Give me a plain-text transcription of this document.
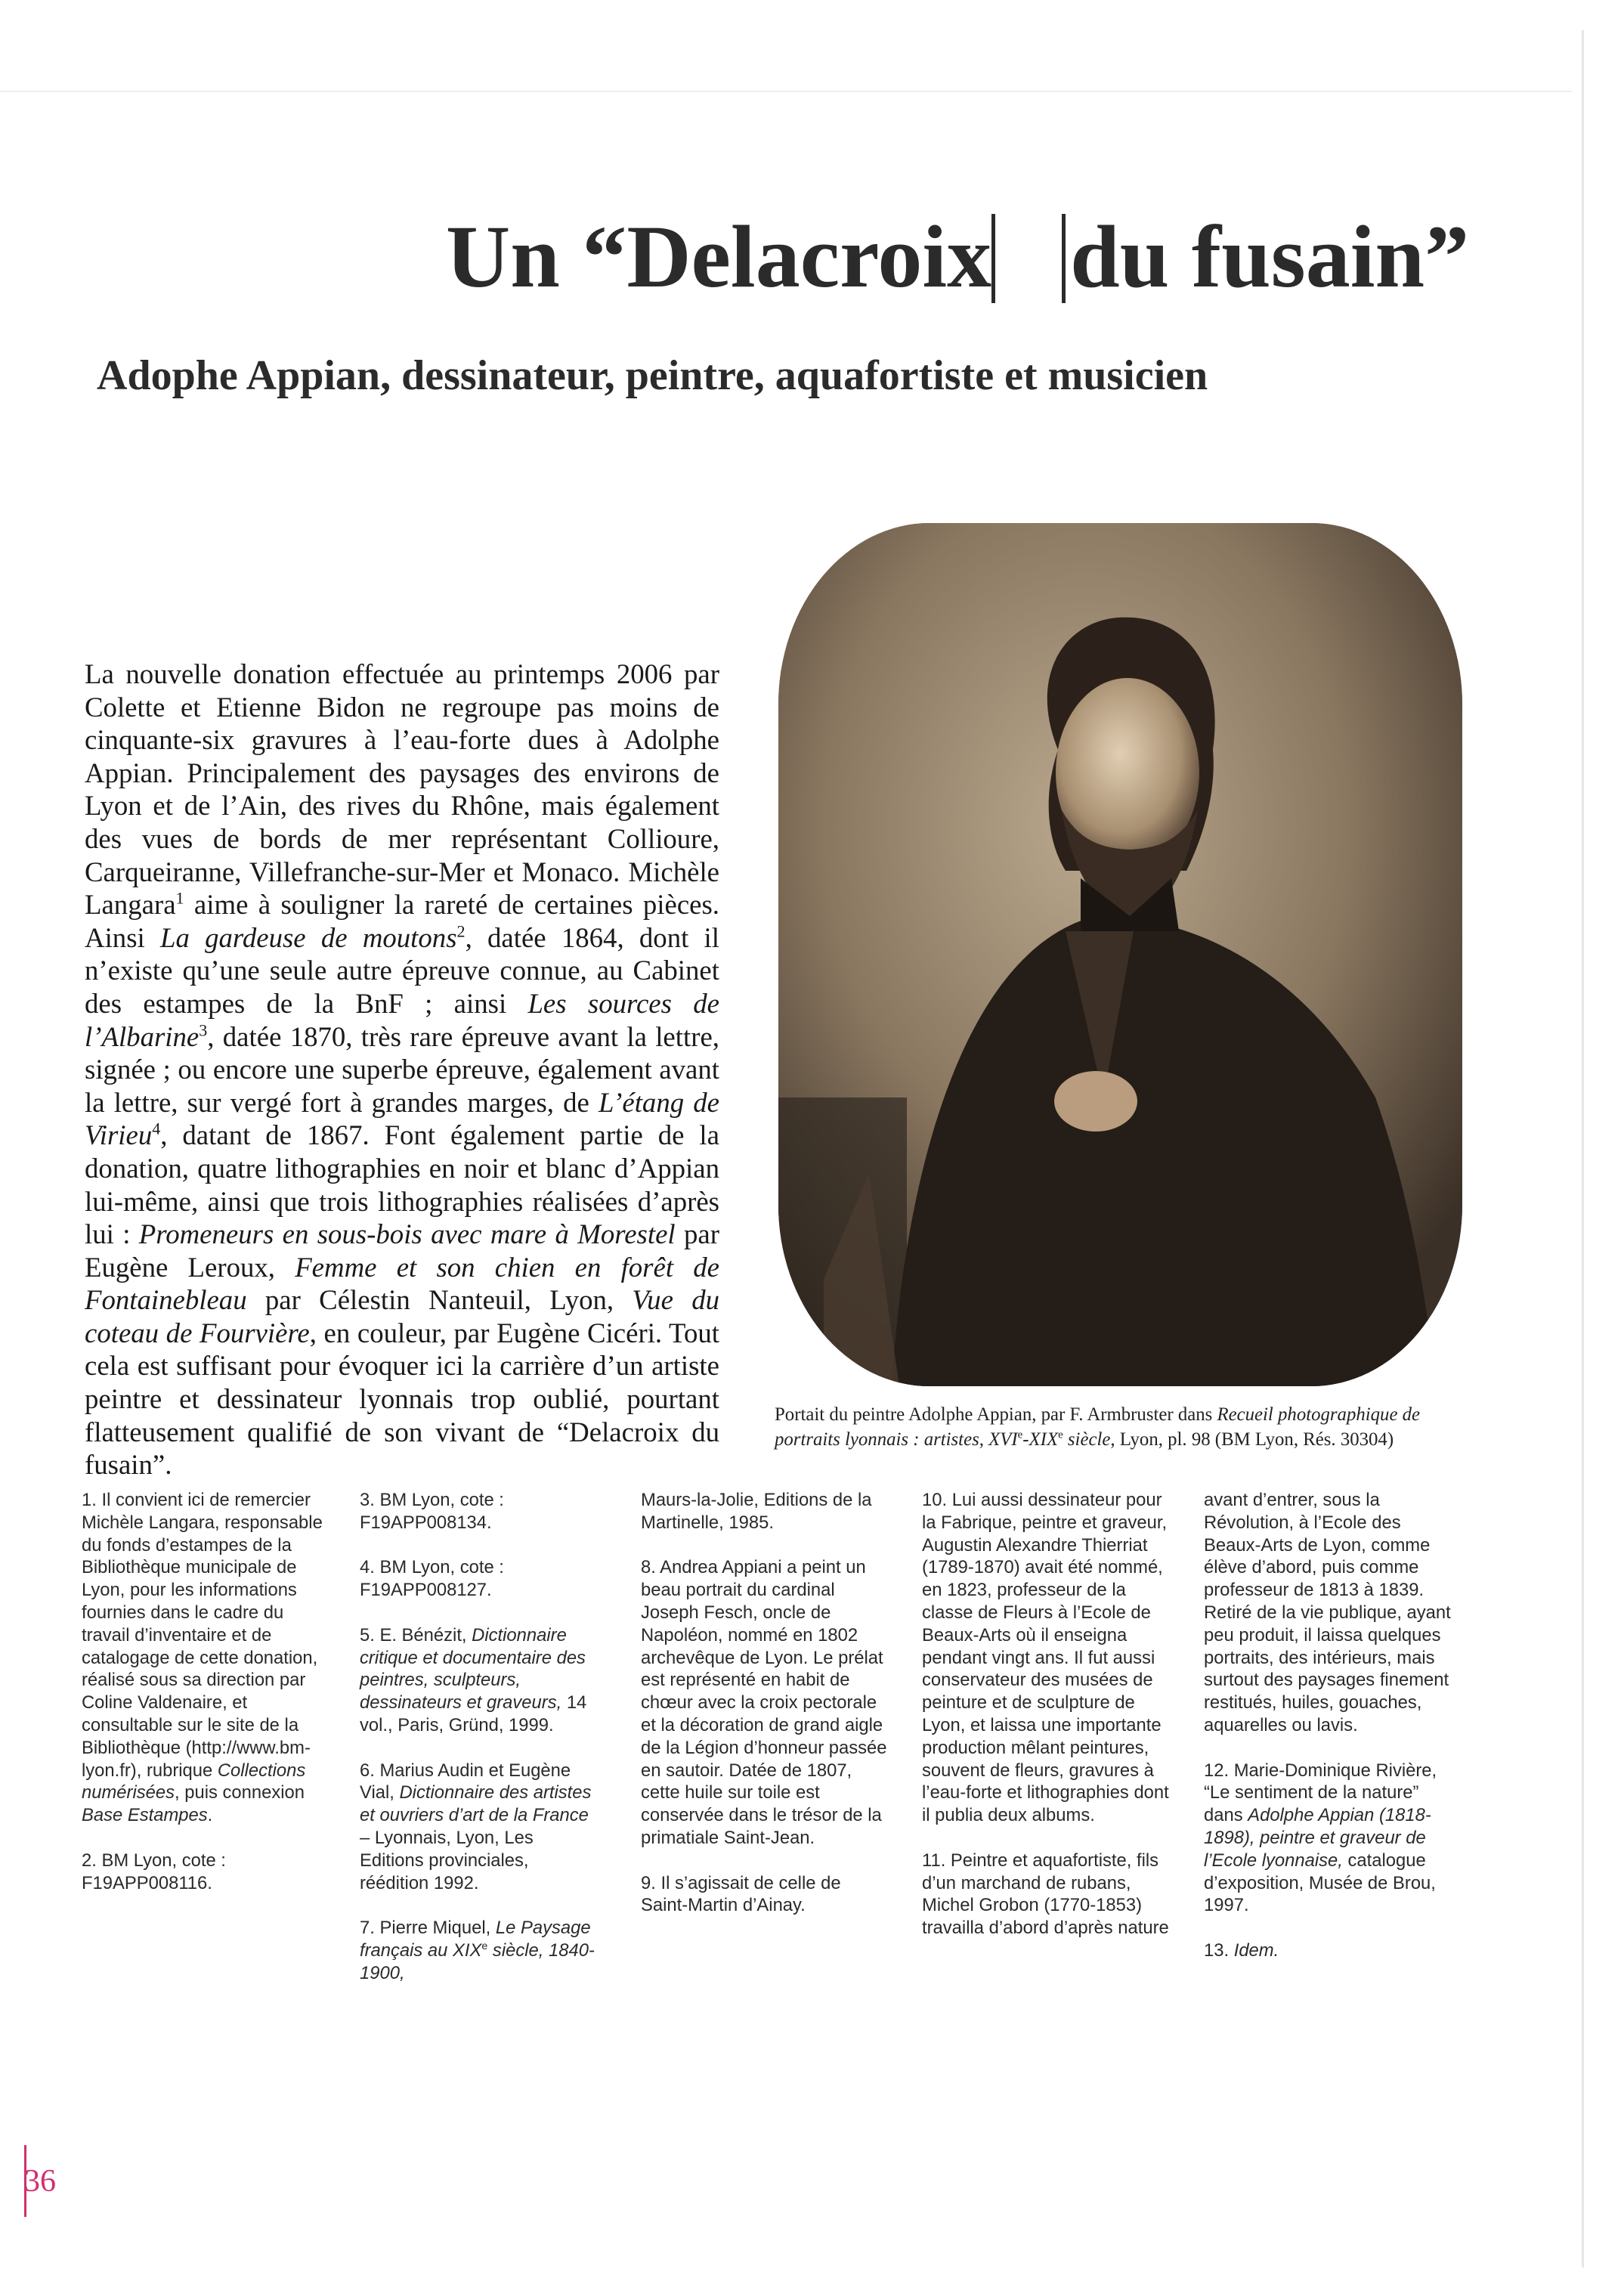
Un “Delacroix du fusain”
Adophe Appian, dessinateur, peintre, aquafortiste et musicien

La nouvelle donation effectuée au printemps 2006 par Colette et Etienne Bidon ne regroupe pas moins de cinquante-six gravures à l’eau-forte dues à Adolphe Appian. Principalement des paysages des environs de Lyon et de l’Ain, des rives du Rhône, mais également des vues de bords de mer représentant Collioure, Carqueiranne, Villefranche-sur-Mer et Monaco. Michèle Langara$^1$ aime à souligner la rareté de certaines pièces. Ainsi La gardeuse de moutons$^2$, datée 1864, dont il n’existe qu’une seule autre épreuve connue, au Cabinet des estampes de la BnF ; ainsi Les sources de l’Albarine$^3$, datée 1870, très rare épreuve avant la lettre, signée ; ou encore une superbe épreuve, également avant la lettre, sur vergé fort à grandes marges, de L’étang de Virieu$^4$, datant de 1867. Font également partie de la donation, quatre lithographies en noir et blanc d’Appian lui-même, ainsi que trois lithographies réalisées d’après lui : Promeneurs en sous-bois avec mare à Morestel par Eugène Leroux, Femme et son chien en forêt de Fontainebleau par Célestin Nanteuil, Lyon, Vue du coteau de Fourvière, en couleur, par Eugène Cicéri. Tout cela est suffisant pour évoquer ici la carrière d’un artiste peintre et dessinateur lyonnais trop oublié, pourtant flatteusement qualifié de son vivant de “Delacroix du fusain”.

Portait du peintre Adolphe Appian, par F. Armbruster dans Recueil photographique de portraits lyonnais : artistes, XVIe-XIXe siècle, Lyon, pl. 98 (BM Lyon, Rés. 30304)

1. Il convient ici de remercier Michèle Langara, responsable du fonds d’estampes de la Bibliothèque municipale de Lyon, pour les informations fournies dans le cadre du travail d’inventaire et de catalogage de cette donation, réalisé sous sa direction par Coline Valdenaire, et consultable sur le site de la Bibliothèque (http://www.bm-lyon.fr), rubrique Collections numérisées, puis connexion Base Estampes.

2. BM Lyon, cote : F19APP008116.

3. BM Lyon, cote : F19APP008134.

4. BM Lyon, cote : F19APP008127.

5. E. Bénézit, Dictionnaire critique et documentaire des peintres, sculpteurs, dessinateurs et graveurs, 14 vol., Paris, Gründ, 1999.

6. Marius Audin et Eugène Vial, Dictionnaire des artistes et ouvriers d’art de la France – Lyonnais, Lyon, Les Editions provinciales, réédition 1992.

7. Pierre Miquel, Le Paysage français au XIXe siècle, 1840-1900,

Maurs-la-Jolie, Editions de la Martinelle, 1985.

8. Andrea Appiani a peint un beau portrait du cardinal Joseph Fesch, oncle de Napoléon, nommé en 1802 archevêque de Lyon. Le prélat est représenté en habit de chœur avec la croix pectorale et la décoration de grand aigle de la Légion d’honneur passée en sautoir. Datée de 1807, cette huile sur toile est conservée dans le trésor de la primatiale Saint-Jean.

9. Il s’agissait de celle de Saint-Martin d’Ainay.

10. Lui aussi dessinateur pour la Fabrique, peintre et graveur, Augustin Alexandre Thierriat (1789-1870) avait été nommé, en 1823, professeur de la classe de Fleurs à l’Ecole de Beaux-Arts où il enseigna pendant vingt ans. Il fut aussi conservateur des musées de peinture et de sculpture de Lyon, et laissa une importante production mêlant peintures, souvent de fleurs, gravures à l’eau-forte et lithographies dont il publia deux albums.

11. Peintre et aquafortiste, fils d’un marchand de rubans, Michel Grobon (1770-1853) travailla d’abord d’après nature

avant d’entrer, sous la Révolution, à l’Ecole des Beaux-Arts de Lyon, comme élève d’abord, puis comme professeur de 1813 à 1839. Retiré de la vie publique, ayant peu produit, il laissa quelques portraits, des intérieurs, mais surtout des paysages finement restitués, huiles, gouaches, aquarelles ou lavis.

12. Marie-Dominique Rivière, “Le sentiment de la nature” dans Adolphe Appian (1818-1898), peintre et graveur de l’Ecole lyonnaise, catalogue d’exposition, Musée de Brou, 1997.

13. Idem.

36
